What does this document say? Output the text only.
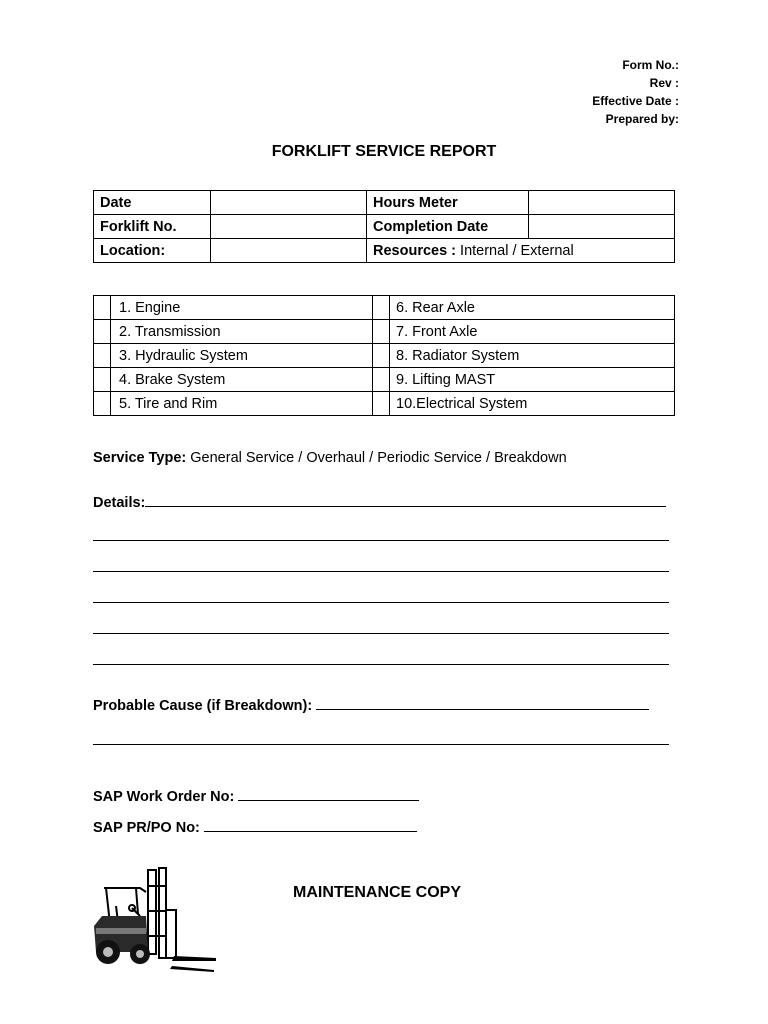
Form No.:
Rev :
Effective Date :
Prepared by:
FORKLIFT SERVICE REPORT
Date		Hours Meter	
Forklift No.		Completion Date	
Location:		Resources : Internal / External	
	1. Engine		6. Rear Axle
	2. Transmission		7. Front Axle
	3. Hydraulic System		8. Radiator System
	4. Brake System		9. Lifting MAST
	5. Tire and Rim		10.Electrical System
Service Type: General Service / Overhaul / Periodic Service / Breakdown
Details:
Probable Cause (if Breakdown):
SAP Work Order No:
SAP PR/PO No:
MAINTENANCE COPY
